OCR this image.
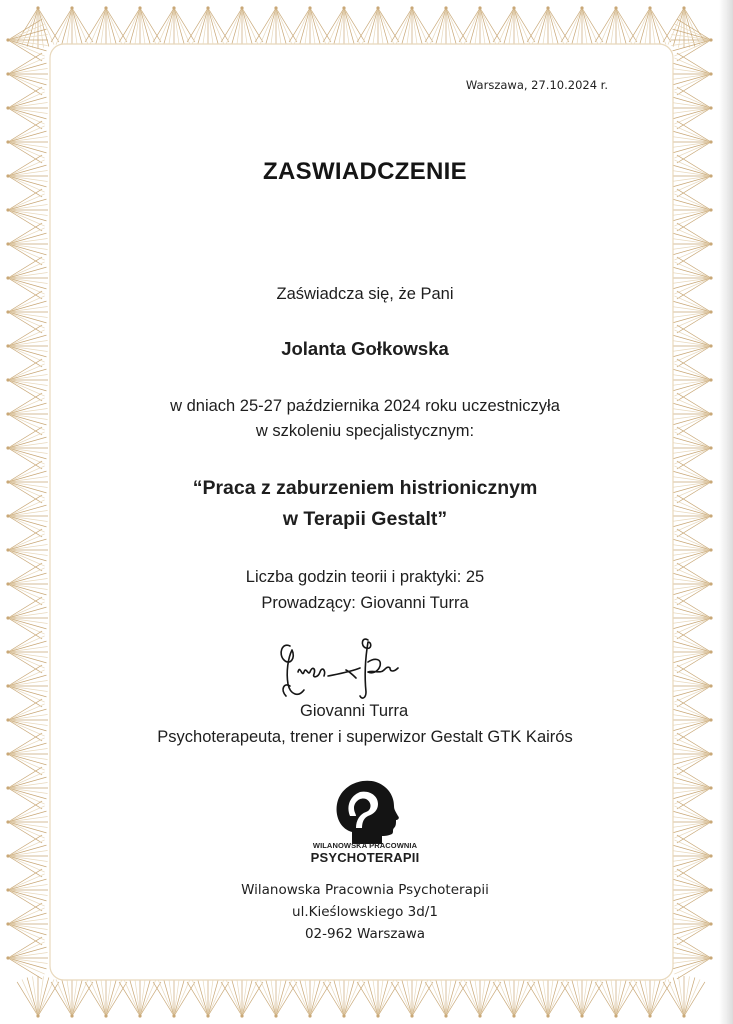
Warszawa, 27.10.2024 r.
ZASWIADCZENIE
Zaświadcza się, że Pani
Jolanta Gołkowska
w dniach 25-27 października 2024 roku uczestniczyła
w szkoleniu specjalistycznym:
“Praca z zaburzeniem histrionicznym
w Terapii Gestalt”
Liczba godzin teorii i praktyki: 25
Prowadzący: Giovanni Turra
Giovanni Turra
Psychoterapeuta, trener i superwizor Gestalt GTK Kairós
WILANOWSKA PRACOWNIA
PSYCHOTERAPII
Wilanowska Pracownia Psychoterapii
ul.Kieślowskiego 3d/1
02-962 Warszawa
